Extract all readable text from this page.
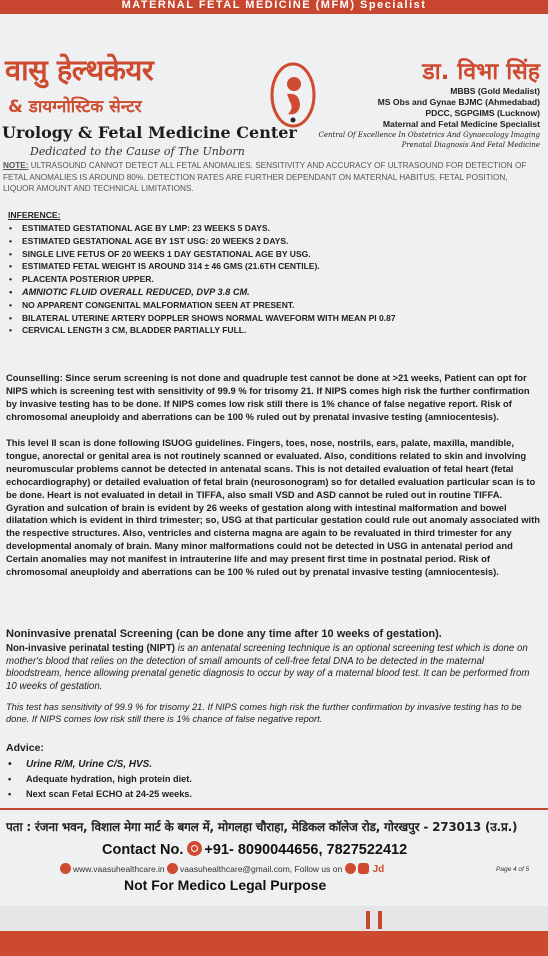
MATERNAL FETAL MEDICINE (MFM) Specialist
वासु हेल्थकेयर
& डायग्नोस्टिक सेन्टर
Urology & Fetal Medicine Center
Dedicated to the Cause of The Unborn
डा. विभा सिंह
MBBS (Gold Medalist)
MS Obs and Gynae BJMC (Ahmedabad)
PDCC, SGPGIMS (Lucknow)
Maternal and Fetal Medicine Specialist
Central Of Excellence In Obstetrics And Gynaecology Imaging
Prenatal Diagnosis And Fetal Medicine
NOTE: ULTRASOUND CANNOT DETECT ALL FETAL ANOMALIES. SENSITIVITY AND ACCURACY OF ULTRASOUND FOR DETECTION OF FETAL ANOMALIES IS AROUND 80%. DETECTION RATES ARE FURTHER DEPENDANT ON MATERNAL HABITUS, FETAL POSITION, LIQUOR AMOUNT AND TECHNICAL LIMITATIONS.
INFERENCE:
• ESTIMATED GESTATIONAL AGE BY LMP: 23 WEEKS 5 DAYS.
• ESTIMATED GESTATIONAL AGE BY 1ST USG: 20 WEEKS 2 DAYS.
• SINGLE LIVE FETUS OF 20 WEEKS 1 DAY GESTATIONAL AGE BY USG.
• ESTIMATED FETAL WEIGHT IS AROUND 314 ± 46 GMS (21.6TH CENTILE).
• PLACENTA POSTERIOR UPPER.
• AMNIOTIC FLUID OVERALL REDUCED, DVP 3.8 CM.
• NO APPARENT CONGENITAL MALFORMATION SEEN AT PRESENT.
• BILATERAL UTERINE ARTERY DOPPLER SHOWS NORMAL WAVEFORM WITH MEAN PI 0.87
• CERVICAL LENGTH 3 CM, BLADDER PARTIALLY FULL.

Counselling: Since serum screening is not done and quadruple test cannot be done at >21 weeks, Patient can opt for NIPS which is screening test with sensitivity of 99.9 % for trisomy 21. If NIPS comes high risk the further confirmation by invasive testing has to be done. If NIPS comes low risk still there is 1% chance of false negative report. Risk of chromosomal aneuploidy and aberrations can be 100 % ruled out by prenatal invasive testing (amniocentesis).

This level II scan is done following ISUOG guidelines. Fingers, toes, nose, nostrils, ears, palate, maxilla, mandible, tongue, anorectal or genital area is not routinely scanned or evaluated. Also, conditions related to skin and involving neuromuscular problems cannot be detected in antenatal scans. This is not detailed evaluation of fetal heart (fetal echocardiography) or detailed evaluation of fetal brain (neurosonogram) so for detailed evaluation particular scan is to be done. Heart is not evaluated in detail in TIFFA, also small VSD and ASD cannot be ruled out in routine TIFFA. Gyration and sulcation of brain is evident by 26 weeks of gestation along with intestinal malformation and bowel dilatation which is evident in third trimester; so, USG at that particular gestation could rule out anomaly associated with the respective structures. Also, ventricles and cisterna magna are again to be revaluated in third trimester for any developmental anomaly of brain. Many minor malformations could not be detected in USG in antenatal period and Certain anomalies may not manifest in intrauterine life and may present first time in postnatal period. Risk of chromosomal aneuploidy and aberrations can be 100 % ruled out by prenatal invasive testing (amniocentesis).

Noninvasive prenatal Screening (can be done any time after 10 weeks of gestation).

Non-invasive perinatal testing (NIPT) is an antenatal screening technique is an optional screening test which is done on mother's blood that relies on the detection of small amounts of cell-free fetal DNA to be detected in the maternal bloodstream, hence allowing prenatal genetic diagnosis to occur by way of a maternal blood test. It can be performed from 10 weeks of gestation.

This test has sensitivity of 99.9 % for trisomy 21. If NIPS comes high risk the further confirmation by invasive testing has to be done. If NIPS comes low risk still there is 1% chance of false negative report.

Advice:
• Urine R/M, Urine C/S, HVS.
• Adequate hydration, high protein diet.
• Next scan Fetal ECHO at 24-25 weeks.
पता : रंजना भवन, विशाल मेगा मार्ट के बगल में, मोगलहा चौराहा, मेडिकल कॉलेज रोड, गोरखपुर - 273013 (उ.प्र.)
Contact No. +91- 8090044656, 7827522412
www.vaasuhealthcare.in vaasuhealthcare@gmail.com, Follow us on	Jd	Page 4 of 5
Not For Medico Legal Purpose
